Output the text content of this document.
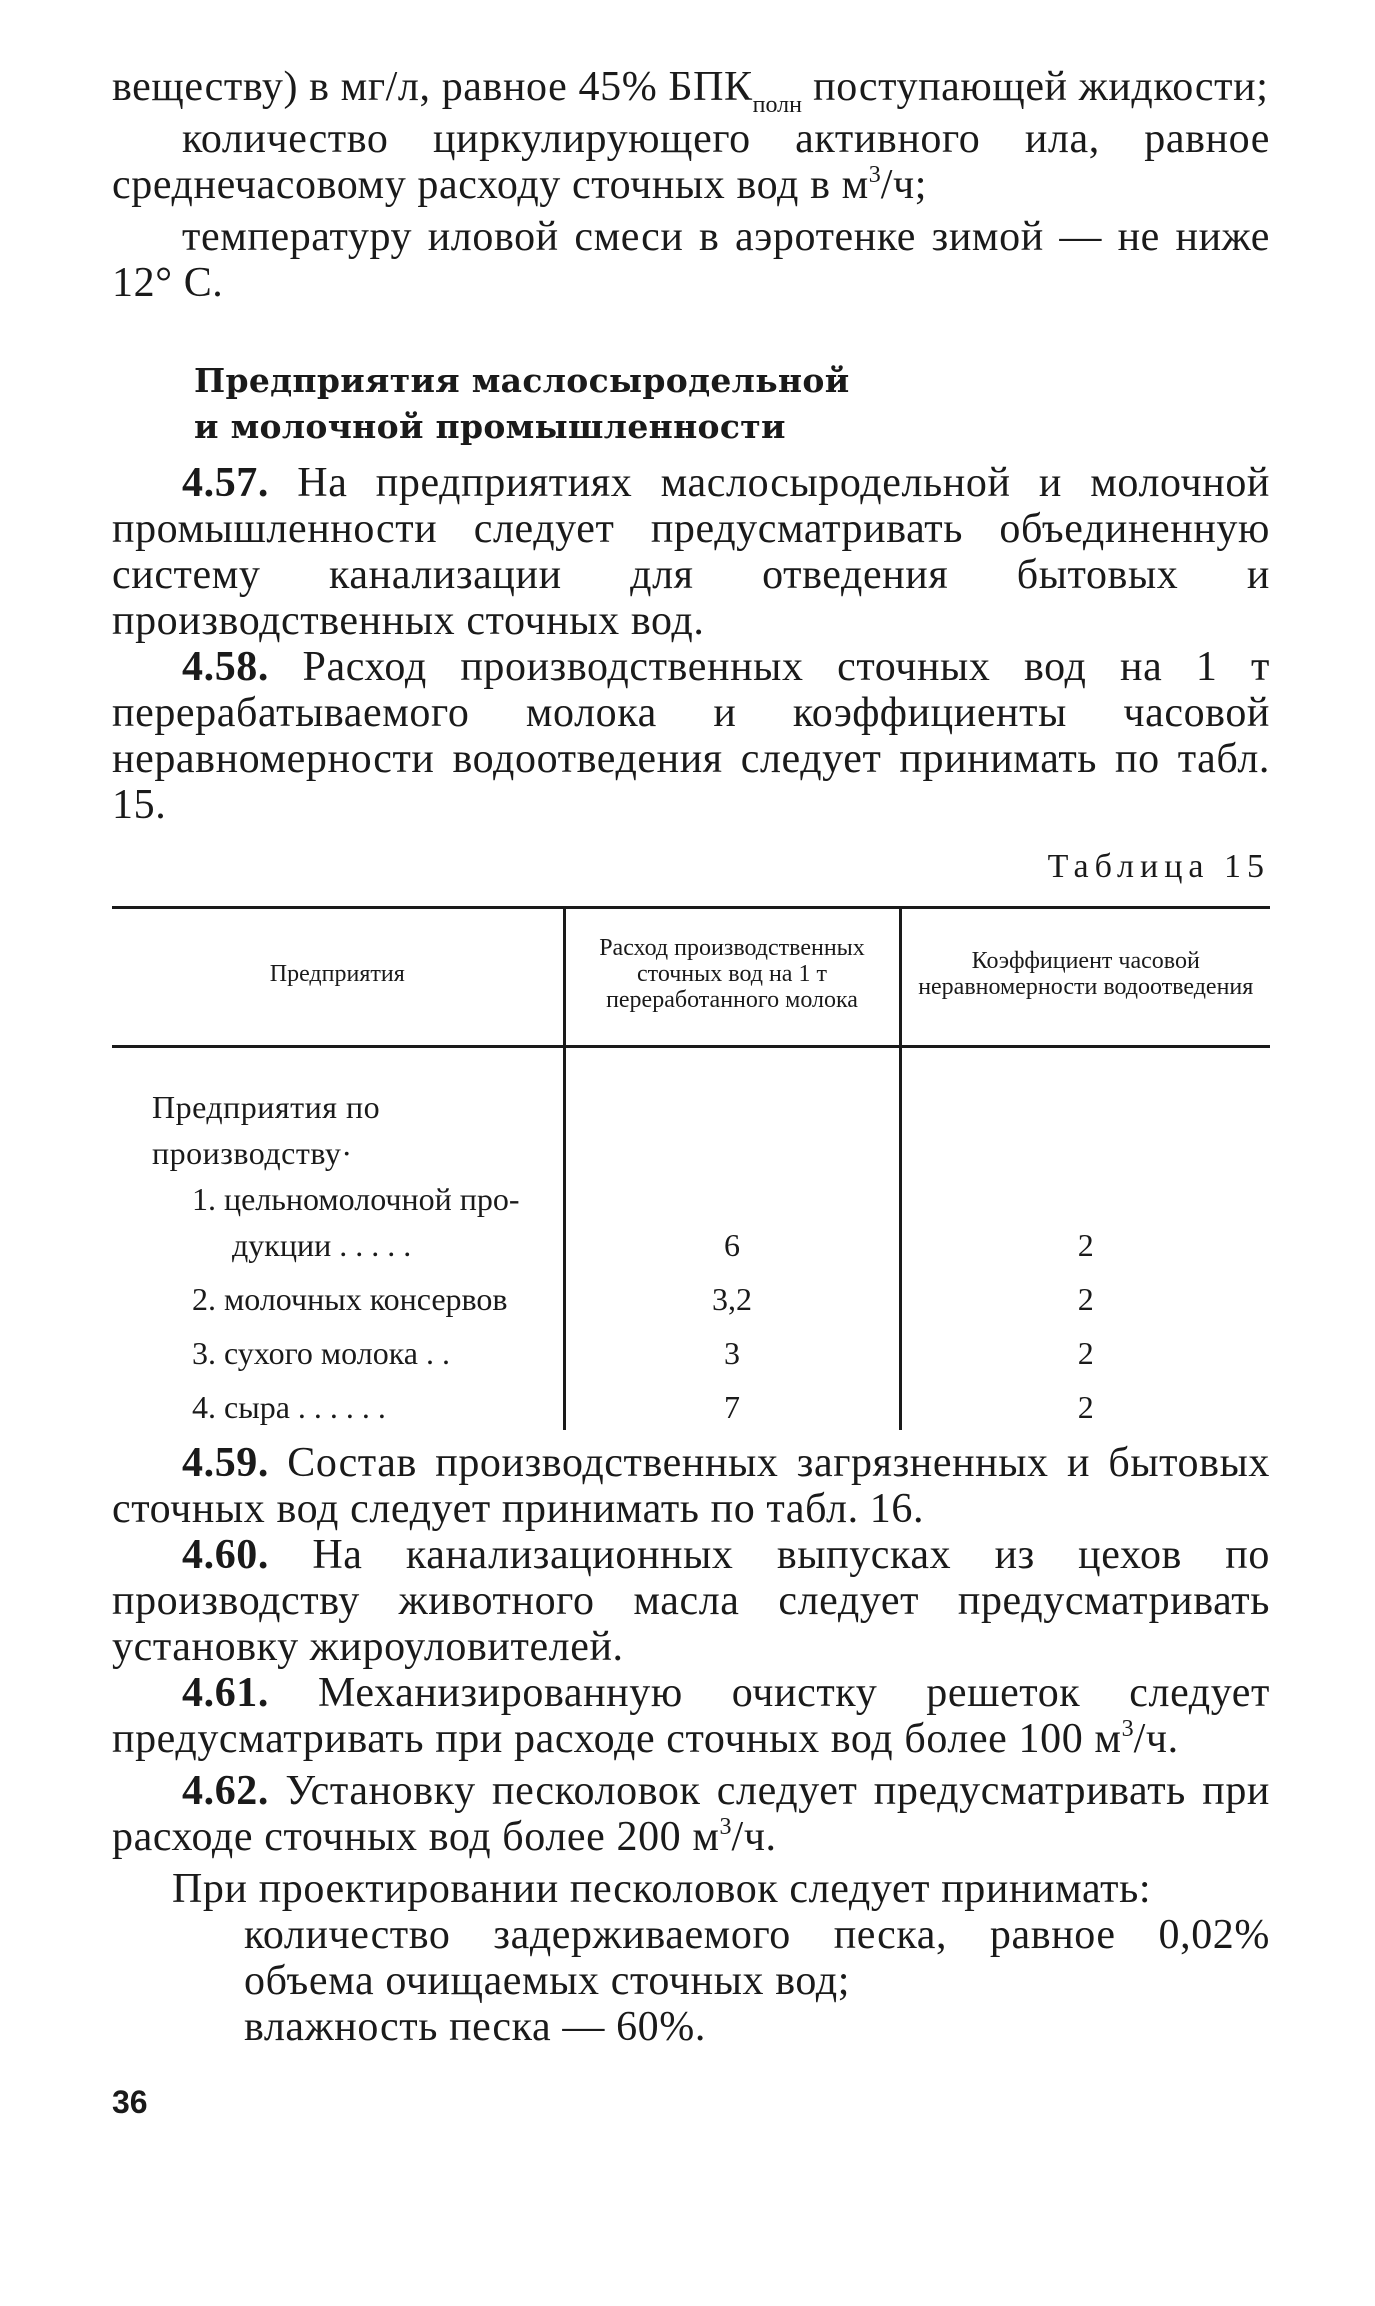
веществу) в мг/л, равное 45% $БПК_{полн}$ поступающей жидкости;

количество циркулирующего активного ила, равное среднечасовому расходу сточных вод в $м^3/ч$;

температуру иловой смеси в аэротенке зимой — не ниже 12° С.

Предприятия маслосыродельной
и молочной промышленности

4.57. На предприятиях маслосыродельной и молочной промышленности следует предусматривать объединенную систему канализации для отведения бытовых и производственных сточных вод.

4.58. Расход производственных сточных вод на 1 т перерабатываемого молока и коэффициенты часовой неравномерности водоотведения следует принимать по табл. 15.

Таблица 15
Предприятия	Расход производственных сточных вод на 1 т переработанного молока	Коэффициент часовой неравномерности водоотведения

Предприятия по производству·		

1. цельномолочной про-
дукции . . . . .	6	2
2. молочных консервов	3,2	2
3. сухого молока . .	3	2
4. сыра . . . . . .	7	2

4.59. Состав производственных загрязненных и бытовых сточных вод следует принимать по табл. 16.

4.60. На канализационных выпусках из цехов по производству животного масла следует предусматривать установку жироуловителей.

4.61. Механизированную очистку решеток следует предусматривать при расходе сточных вод более 100 $м^3/ч$.

4.62. Установку песколовок следует предусматривать при расходе сточных вод более 200 $м^3/ч$.

При проектировании песколовок следует принимать:

количество задерживаемого песка, равное 0,02% объема очищаемых сточных вод;

влажность песка — 60%.

36
